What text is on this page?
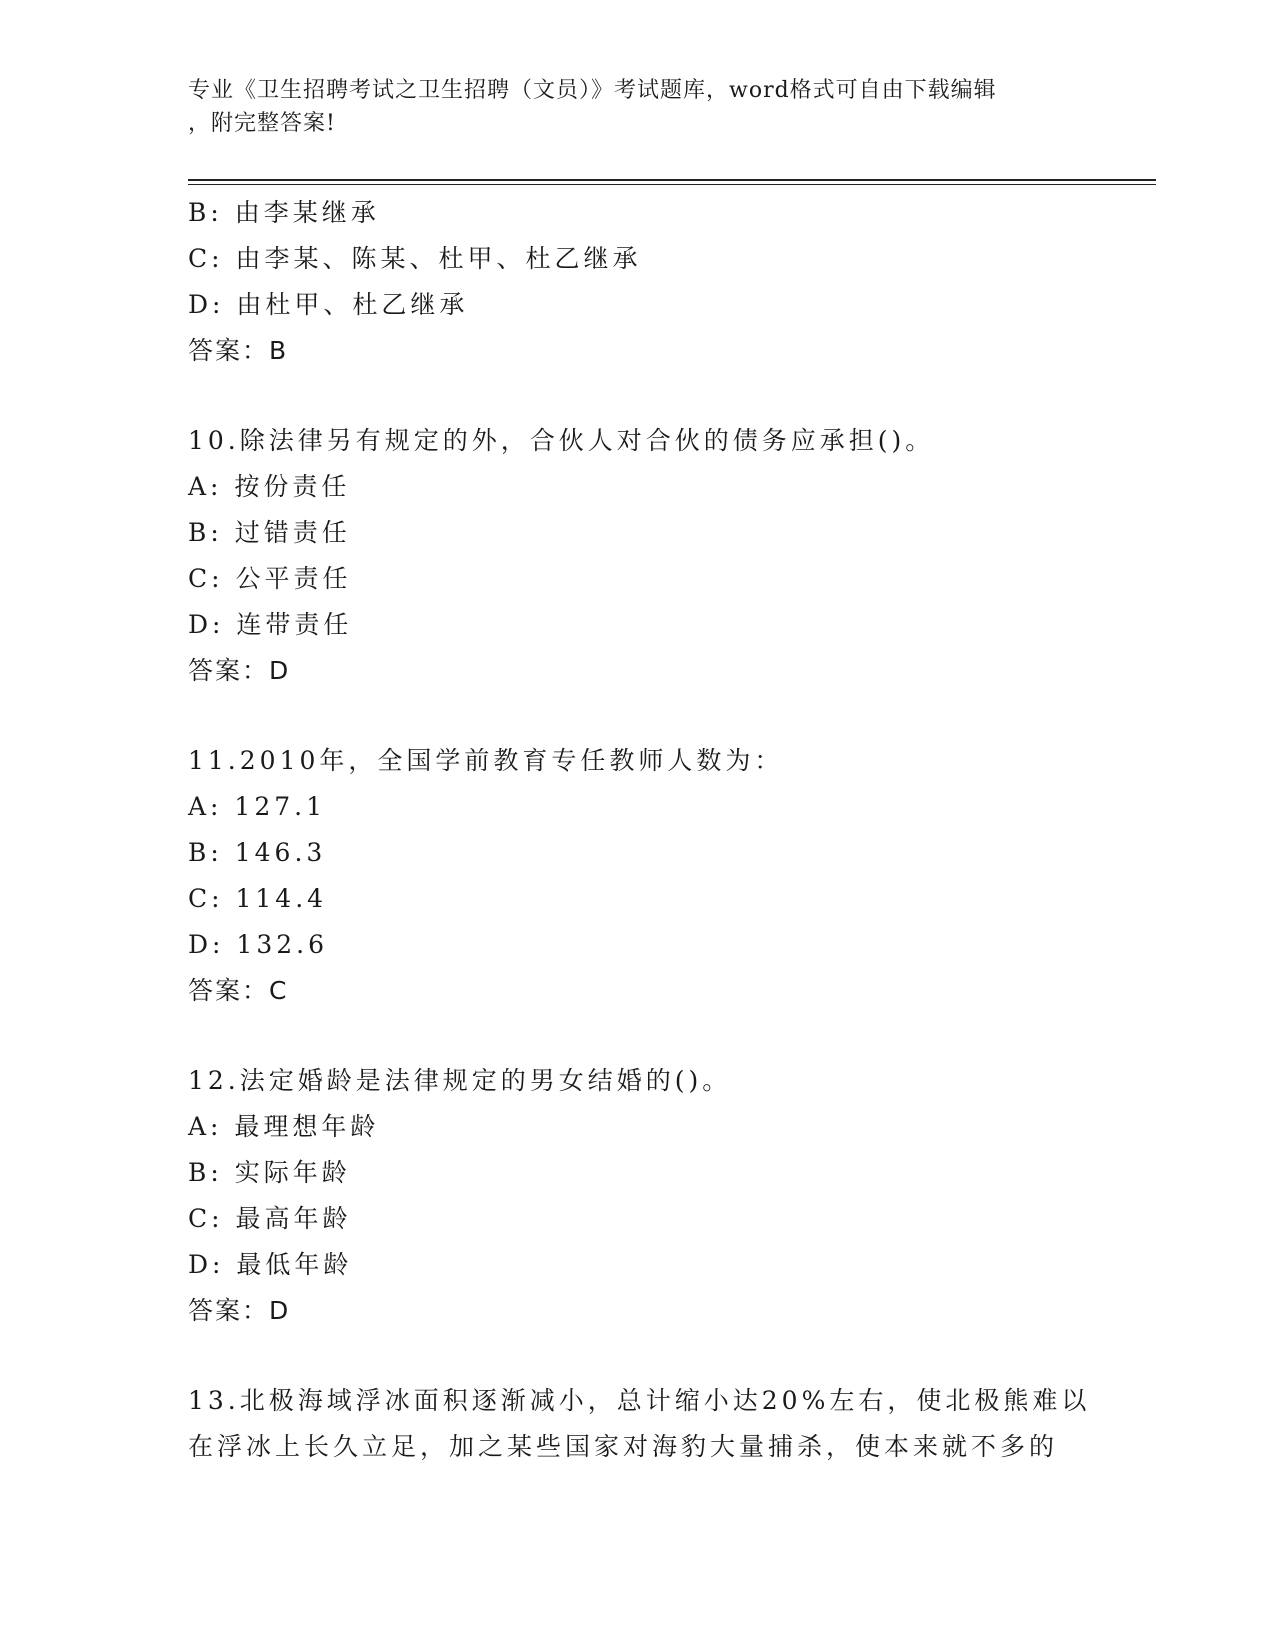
专业《卫生招聘考试之卫生招聘（文员）》考试题库，word格式可自由下载编辑
，附完整答案!
B: 由李某继承
C: 由李某、陈某、杜甲、杜乙继承
D: 由杜甲、杜乙继承
答案：B
10.除法律另有规定的外，合伙人对合伙的债务应承担()。
A: 按份责任
B: 过错责任
C: 公平责任
D: 连带责任
答案：D
11.2010年，全国学前教育专任教师人数为：
A: 127.1
B: 146.3
C: 114.4
D: 132.6
答案：C
12.法定婚龄是法律规定的男女结婚的()。
A: 最理想年龄
B: 实际年龄
C: 最高年龄
D: 最低年龄
答案：D
13.北极海域浮冰面积逐渐减小，总计缩小达20%左右，使北极熊难以
在浮冰上长久立足，加之某些国家对海豹大量捕杀，使本来就不多的
